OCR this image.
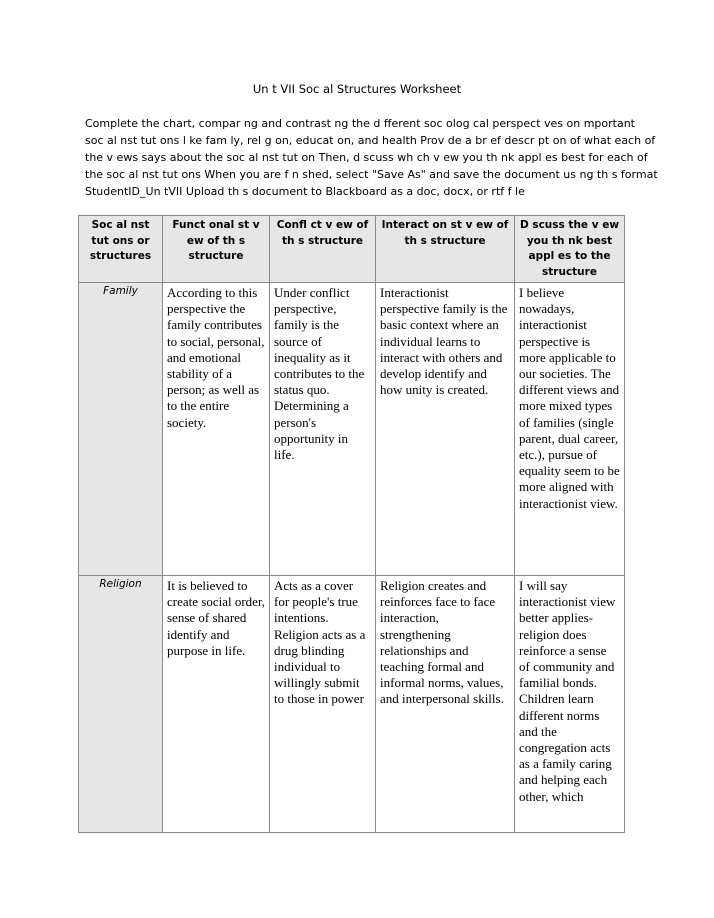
Un t VII Soc al Structures Worksheet
Complete the chart, compar ng and contrast ng the d fferent soc olog cal perspect ves on mportant
soc al nst tut ons l ke fam ly, rel g on, educat on, and health Prov de a br ef descr pt on of what each of
the v ews says about the soc al nst tut on Then, d scuss wh ch v ew you th nk appl es best for each of
the soc al nst tut ons When you are f n shed, select "Save As" and save the document us ng th s format
StudentID_Un tVII Upload th s document to Blackboard as a doc, docx, or rtf f le
Soc al nst tut ons or structures	Funct onal st v ew of th s structure	Confl ct v ew of th s structure	Interact on st v ew of th s structure	D scuss the v ew you th nk best appl es to the structure
Family	According to this perspective the family contributes to social, personal, and emotional stability of a person; as well as to the entire society.	Under conflict perspective, family is the source of inequality as it contributes to the status quo. Determining a person's opportunity in life.	Interactionist perspective family is the basic context where an individual learns to interact with others and develop identify and how unity is created.	I believe nowadays, interactionist perspective is more applicable to our societies. The different views and more mixed types of families (single parent, dual career, etc.), pursue of equality seem to be more aligned with interactionist view.
Religion	It is believed to create social order, sense of shared identify and purpose in life.	Acts as a cover for people's true intentions. Religion acts as a drug blinding individual to willingly submit to those in power	Religion creates and reinforces face to face interaction, strengthening relationships and teaching formal and informal norms, values, and interpersonal skills.	I will say interactionist view better applies- religion does reinforce a sense of community and familial bonds. Children learn different norms and the congregation acts as a family caring and helping each other, which
